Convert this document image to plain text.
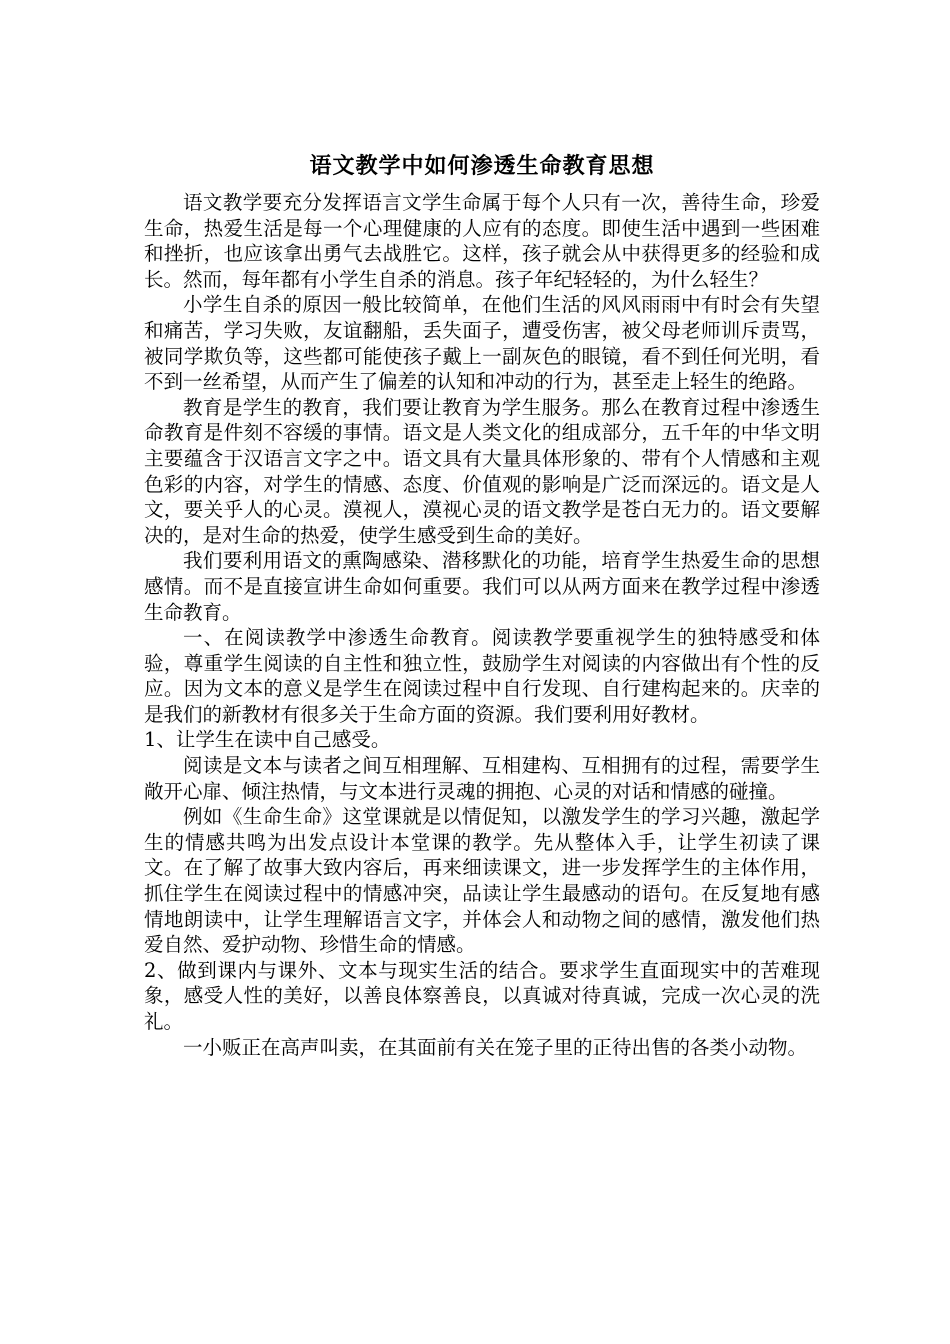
语文教学中如何渗透生命教育思想

语文教学要充分发挥语言文学生命属于每个人只有一次，善待生命，珍爱生命，热爱生活是每一个心理健康的人应有的态度。即使生活中遇到一些困难和挫折，也应该拿出勇气去战胜它。这样，孩子就会从中获得更多的经验和成长。然而，每年都有小学生自杀的消息。孩子年纪轻轻的，为什么轻生？

小学生自杀的原因一般比较简单，在他们生活的风风雨雨中有时会有失望和痛苦，学习失败，友谊翻船，丢失面子，遭受伤害，被父母老师训斥责骂，被同学欺负等，这些都可能使孩子戴上一副灰色的眼镜，看不到任何光明，看不到一丝希望，从而产生了偏差的认知和冲动的行为，甚至走上轻生的绝路。

教育是学生的教育，我们要让教育为学生服务。那么在教育过程中渗透生命教育是件刻不容缓的事情。语文是人类文化的组成部分，五千年的中华文明主要蕴含于汉语言文字之中。语文具有大量具体形象的、带有个人情感和主观色彩的内容，对学生的情感、态度、价值观的影响是广泛而深远的。语文是人文，要关乎人的心灵。漠视人，漠视心灵的语文教学是苍白无力的。语文要解决的，是对生命的热爱，使学生感受到生命的美好。

我们要利用语文的熏陶感染、潜移默化的功能，培育学生热爱生命的思想感情。而不是直接宣讲生命如何重要。我们可以从两方面来在教学过程中渗透生命教育。

一、在阅读教学中渗透生命教育。阅读教学要重视学生的独特感受和体验，尊重学生阅读的自主性和独立性，鼓励学生对阅读的内容做出有个性的反应。因为文本的意义是学生在阅读过程中自行发现、自行建构起来的。庆幸的是我们的新教材有很多关于生命方面的资源。我们要利用好教材。

1、让学生在读中自己感受。

阅读是文本与读者之间互相理解、互相建构、互相拥有的过程，需要学生敞开心扉、倾注热情，与文本进行灵魂的拥抱、心灵的对话和情感的碰撞。

例如《生命生命》这堂课就是以情促知，以激发学生的学习兴趣，激起学生的情感共鸣为出发点设计本堂课的教学。先从整体入手，让学生初读了课文。在了解了故事大致内容后，再来细读课文，进一步发挥学生的主体作用，抓住学生在阅读过程中的情感冲突，品读让学生最感动的语句。在反复地有感情地朗读中，让学生理解语言文字，并体会人和动物之间的感情，激发他们热爱自然、爱护动物、珍惜生命的情感。

2、做到课内与课外、文本与现实生活的结合。要求学生直面现实中的苦难现象，感受人性的美好，以善良体察善良，以真诚对待真诚，完成一次心灵的洗礼。

一小贩正在高声叫卖，在其面前有关在笼子里的正待出售的各类小动物。
